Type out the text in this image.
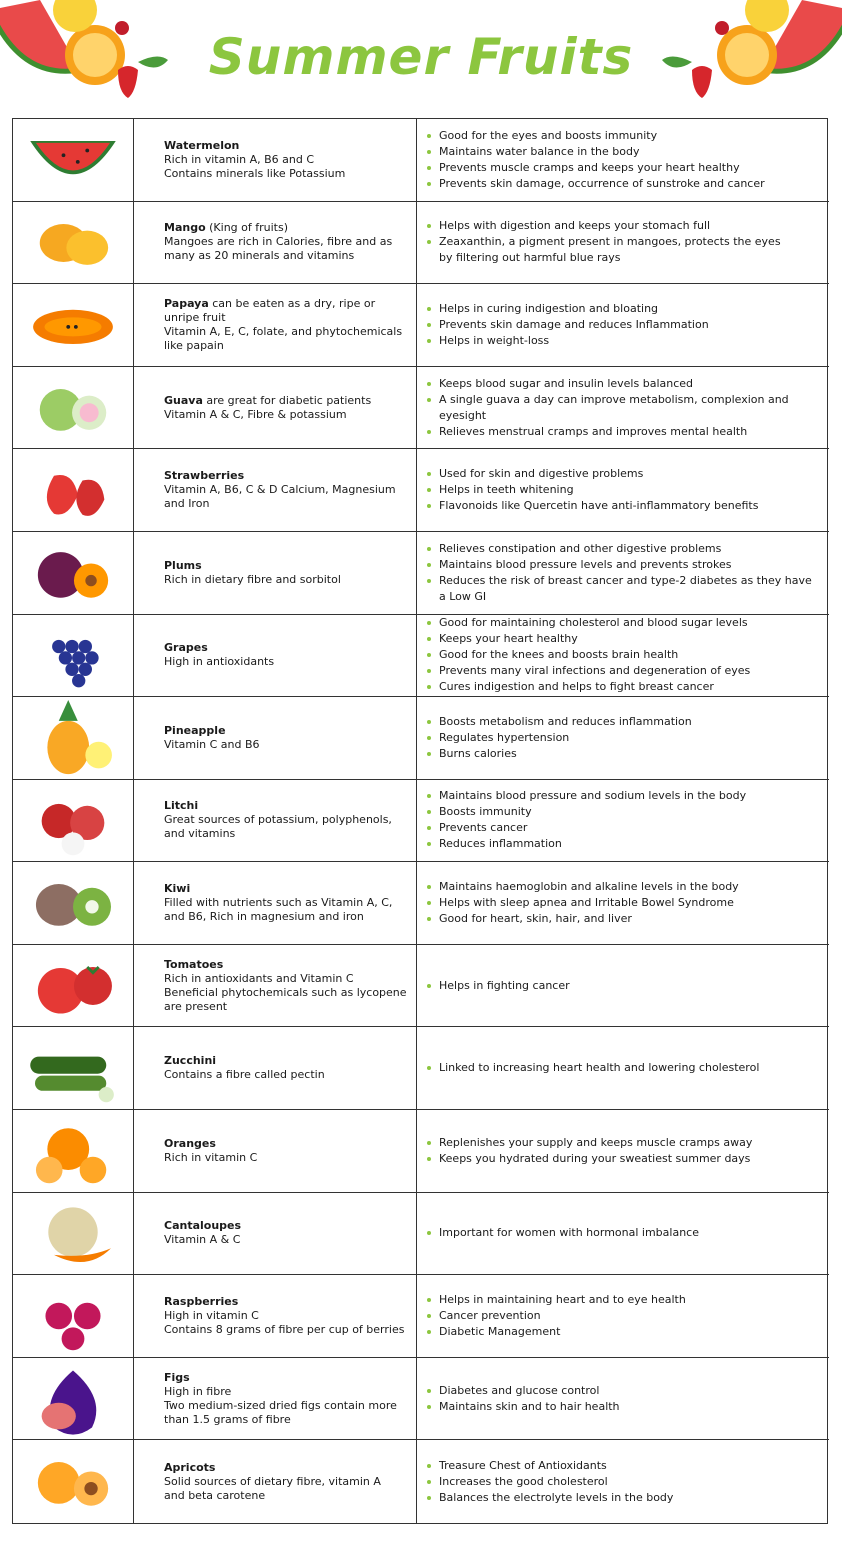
Summer Fruits
Watermelon
Rich in vitamin A, B6 and C
Contains minerals like Potassium
Good for the eyes and boosts immunity
Maintains water balance in the body
Prevents muscle cramps and keeps your heart healthy
Prevents skin damage, occurrence of sunstroke and cancer
Mango (King of fruits)
Mangoes are rich in Calories, fibre and as
many as 20 minerals and vitamins
Helps with digestion and keeps your stomach full
Zeaxanthin, a pigment present in mangoes, protects the eyes
by filtering out harmful blue rays
Papaya can be eaten as a dry, ripe or
unripe fruit
Vitamin A, E, C, folate, and phytochemicals
like papain
Helps in curing indigestion and bloating
Prevents skin damage and reduces Inflammation
Helps in weight-loss
Guava are great for diabetic patients
Vitamin A & C, Fibre & potassium
Keeps blood sugar and insulin levels balanced
A single guava a day can improve metabolism, complexion and eyesight
Relieves menstrual cramps and improves mental health
Strawberries
Vitamin A, B6, C & D Calcium, Magnesium
and Iron
Used for skin and digestive problems
Helps in teeth whitening
Flavonoids like Quercetin have anti-inflammatory benefits
Plums
Rich in dietary fibre and sorbitol
Relieves constipation and other digestive problems
Maintains blood pressure levels and prevents strokes
Reduces the risk of breast cancer and type-2 diabetes as they have
a Low GI
Grapes
High in antioxidants
Good for maintaining cholesterol and blood sugar levels
Keeps your heart healthy
Good for the knees and boosts brain health
Prevents many viral infections and degeneration of eyes
Cures indigestion and helps to fight breast cancer
Pineapple
Vitamin C and B6
Boosts metabolism and reduces inflammation
Regulates hypertension
Burns calories
Litchi
Great sources of potassium, polyphenols,
and vitamins
Maintains blood pressure and sodium levels in the body
Boosts immunity
Prevents cancer
Reduces inflammation
Kiwi
Filled with nutrients such as Vitamin A, C,
and B6, Rich in magnesium and iron
Maintains haemoglobin and alkaline levels in the body
Helps with sleep apnea and Irritable Bowel Syndrome
Good for heart, skin, hair, and liver
Tomatoes
Rich in antioxidants and Vitamin C
Beneficial phytochemicals such as lycopene
are present
Helps in fighting cancer
Zucchini
Contains a fibre called pectin
Linked to increasing heart health and lowering cholesterol
Oranges
Rich in vitamin C
Replenishes your supply and keeps muscle cramps away
Keeps you hydrated during your sweatiest summer days
Cantaloupes
Vitamin A & C
Important for women with hormonal imbalance
Raspberries
High in vitamin C
Contains 8 grams of fibre per cup of berries
Helps in maintaining heart and to eye health
Cancer prevention
Diabetic Management
Figs
High in fibre
Two medium-sized dried figs contain more
than 1.5 grams of fibre
Diabetes and glucose control
Maintains skin and to hair health
Apricots
Solid sources of dietary fibre, vitamin A
and beta carotene
Treasure Chest of Antioxidants
Increases the good cholesterol
Balances the electrolyte levels in the body
